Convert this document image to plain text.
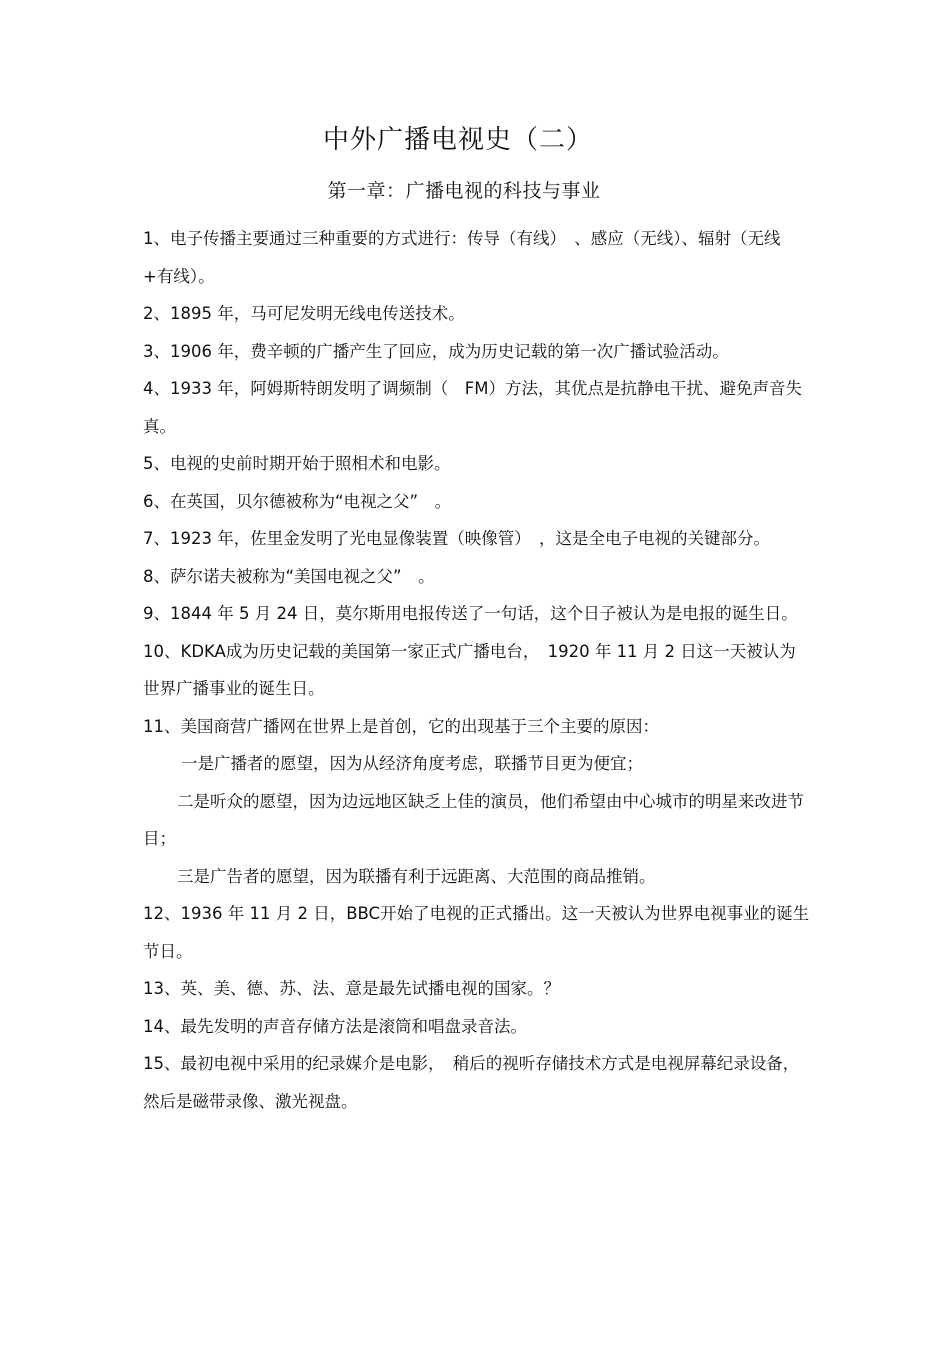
中外广播电视史（二）
第一章：广播电视的科技与事业

1、电子传播主要通过三种重要的方式进行：传导（有线）　、感应（无线）、辐射（无线 +有线）。

2、1895 年，马可尼发明无线电传送技术。

3、1906 年，费辛顿的广播产生了回应，成为历史记载的第一次广播试验活动。

4、1933 年，阿姆斯特朗发明了调频制（　FM）方法，其优点是抗静电干扰、避免声音失真。

5、电视的史前时期开始于照相术和电影。

6、在英国，贝尔德被称为“电视之父”　。

7、1923 年，佐里金发明了光电显像装置（映像管）　，这是全电子电视的关键部分。

8、萨尔诺夫被称为“美国电视之父”　。

9、1844 年 5 月 24 日，莫尔斯用电报传送了一句话，这个日子被认为是电报的诞生日。

10、KDKA成为历史记载的美国第一家正式广播电台，　1920 年 11 月 2 日这一天被认为世界广播事业的诞生日。

11、美国商营广播网在世界上是首创，它的出现基于三个主要的原因：

一是广播者的愿望，因为从经济角度考虑，联播节目更为便宜；

二是听众的愿望，因为边远地区缺乏上佳的演员，他们希望由中心城市的明星来改进节目；

三是广告者的愿望，因为联播有利于远距离、大范围的商品推销。

12、1936 年 11 月 2 日，BBC开始了电视的正式播出。这一天被认为世界电视事业的诞生节日。

13、英、美、德、苏、法、意是最先试播电视的国家。？

14、最先发明的声音存储方法是滚筒和唱盘录音法。

15、最初电视中采用的纪录媒介是电影，　稍后的视听存储技术方式是电视屏幕纪录设备，然后是磁带录像、激光视盘。
